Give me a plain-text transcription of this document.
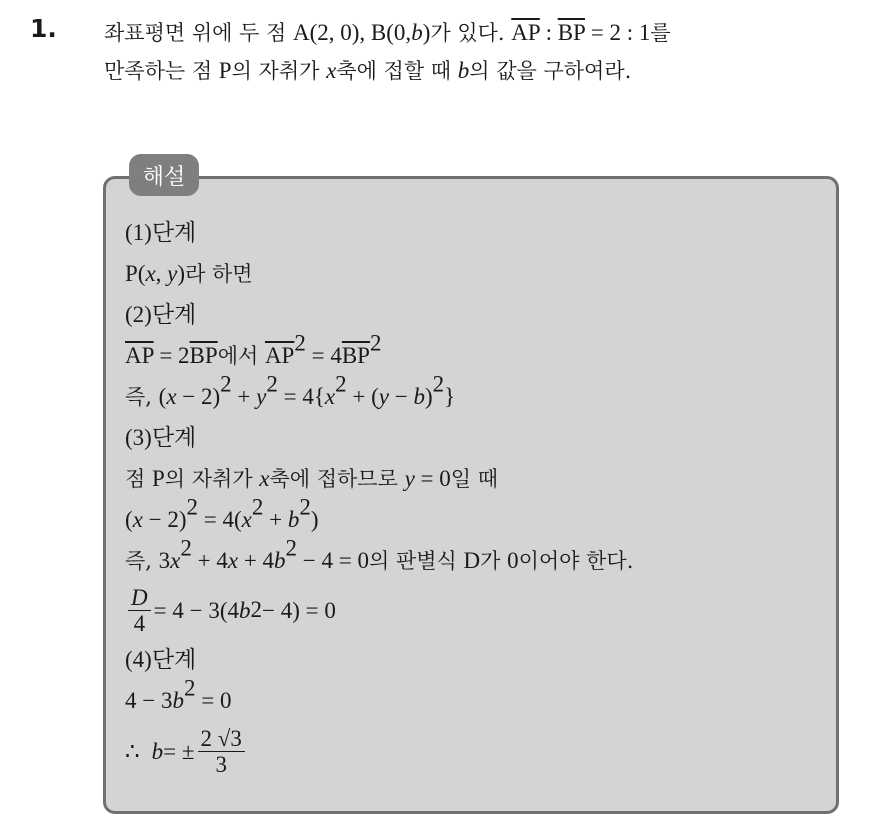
1. 좌표평면 위에 두 점 A(2, 0), B(0,b)가 있다. $\overline{AP}$ : $\overline{BP} = 2$ : 1를
만족하는 점 P의 자취가 x축에 접할 때 b의 값을 구하여라.
해설
(1)단계
P(x, y)라 하면
(2)단계
$\overline{AP} = 2\overline{BP}$에서 $\overline{AP}^2 = 4\overline{BP}^2$
즉, $(x - 2)^2 + y^2 = 4\{x^2 + (y - b)^2\}$
(3)단계
점 P의 자취가 x축에 접하므로 y = 0일 때
$(x - 2)^2 = 4(x^2 + b^2)$
즉, $3x^2 + 4x + 4b^2 - 4 = 0$의 판별식 D가 0이어야 한다.
$\frac{D}{4} = 4 - 3(4$ b 2 − 4) = 0
(4)단계
$4 - 3b^2 = 0$
∴ b = ± $\frac{2 √3}{3}$
